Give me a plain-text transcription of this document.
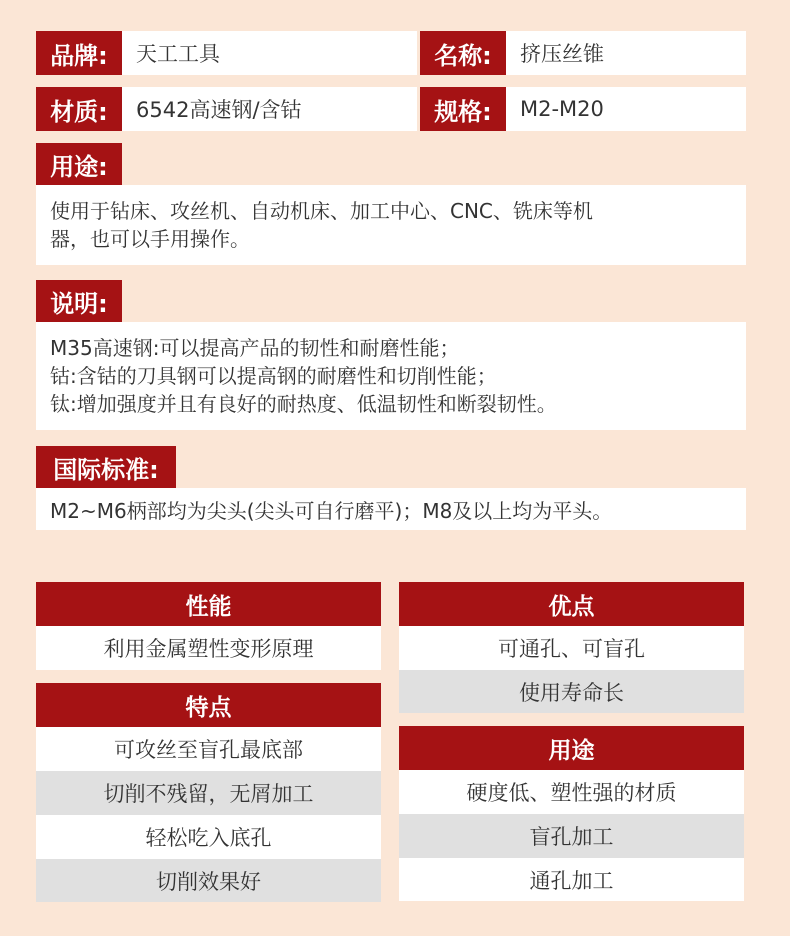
品牌:	天工工具	名称:	挤压丝锥
材质:	6542高速钢/含钴	规格:	M2-M20
用途:
使用于钻床、攻丝机、自动机床、加工中心、CNC、铣床等机
器，也可以手用操作。
说明:
M35高速钢:可以提高产品的韧性和耐磨性能；
钴:含钴的刀具钢可以提高钢的耐磨性和切削性能；
钛:增加强度并且有良好的耐热度、低温韧性和断裂韧性。
国际标准:
M2~M6柄部均为尖头(尖头可自行磨平)；M8及以上均为平头。
性能
利用金属塑性变形原理
特点
可攻丝至盲孔最底部
切削不残留，无屑加工
轻松吃入底孔
切削效果好
优点
可通孔、可盲孔
使用寿命长
用途
硬度低、塑性强的材质
盲孔加工
通孔加工
